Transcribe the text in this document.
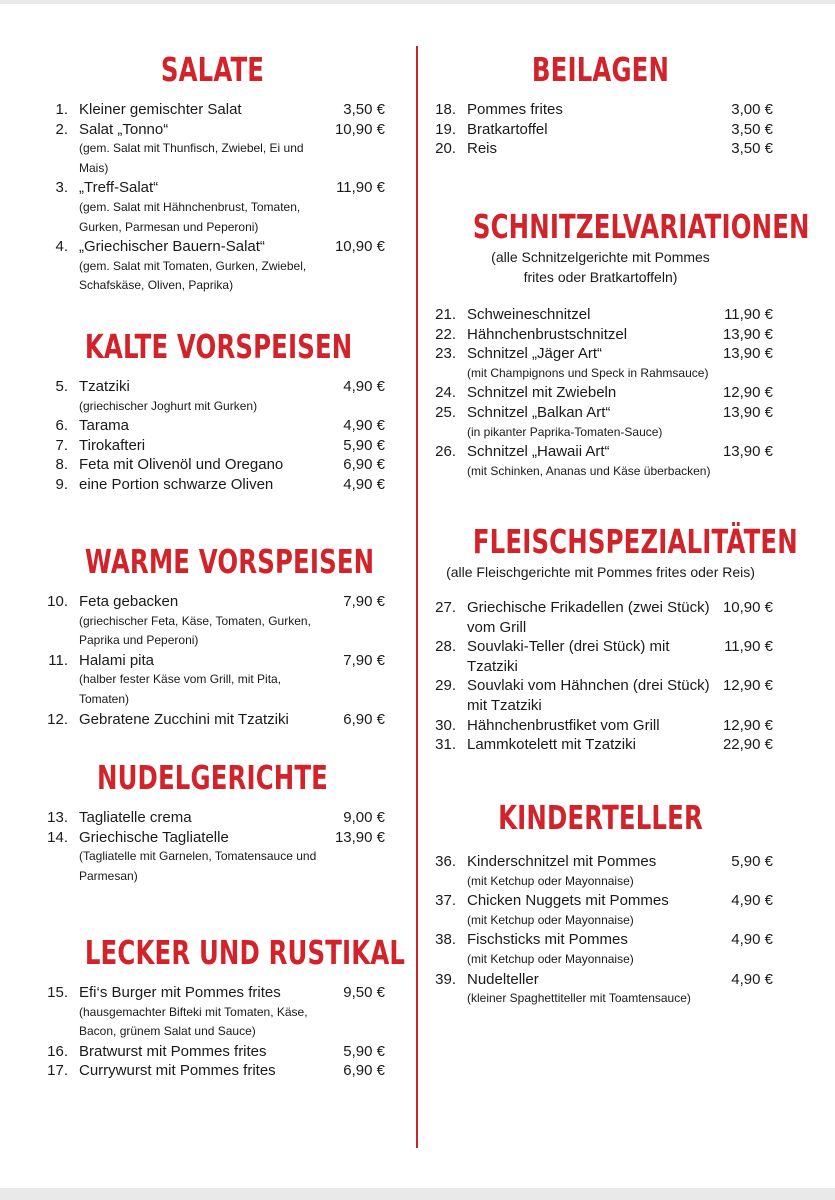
SALATE
1. Kleiner gemischter Salat	3,50 €
2. Salat „Tonno“
(gem. Salat mit Thunfisch, Zwiebel, Ei und Mais)
10,90 €
3. „Treff-Salat“
(gem. Salat mit Hähnchenbrust, Tomaten, Gurken, Parmesan und Peperoni)
11,90 €
4. „Griechischer Bauern-Salat“
(gem. Salat mit Tomaten, Gurken, Zwiebel, Schafskäse, Oliven, Paprika)
10,90 €
KALTE VORSPEISEN
5. Tzatziki
(griechischer Joghurt mit Gurken)
4,90 €
6. Tarama	4,90 €
7. Tirokafteri	5,90 €
8. Feta mit Olivenöl und Oregano	6,90 €
9. eine Portion schwarze Oliven	4,90 €
WARME VORSPEISEN
10. Feta gebacken
(griechischer Feta, Käse, Tomaten, Gurken, Paprika und Peperoni)
7,90 €
11. Halami pita
(halber fester Käse vom Grill, mit Pita, Tomaten)
7,90 €
12. Gebratene Zucchini mit Tzatziki	6,90 €
NUDELGERICHTE
13. Tagliatelle crema	9,00 €
14. Griechische Tagliatelle
(Tagliatelle mit Garnelen, Tomatensauce und Parmesan)
13,90 €
LECKER UND RUSTIKAL
15. Efi‘s Burger mit Pommes frites
(hausgemachter Bifteki mit Tomaten, Käse, Bacon, grünem Salat und Sauce)
9,50 €
16. Bratwurst mit Pommes frites	5,90 €
17. Currywurst mit Pommes frites	6,90 €
BEILAGEN
18. Pommes frites	3,00 €
19. Bratkartoffel	3,50 €
20. Reis	3,50 €
SCHNITZELVARIATIONEN
(alle Schnitzelgerichte mit Pommes frites oder Bratkartoffeln)
21. Schweineschnitzel	11,90 €
22. Hähnchenbrustschnitzel	13,90 €
23. Schnitzel „Jäger Art“
(mit Champignons und Speck in Rahmsauce)
13,90 €
24. Schnitzel mit Zwiebeln	12,90 €
25. Schnitzel „Balkan Art“
(in pikanter Paprika-Tomaten-Sauce)
13,90 €
26. Schnitzel „Hawaii Art“
(mit Schinken, Ananas und Käse überbacken)
13,90 €
FLEISCHSPEZIALITÄTEN
(alle Fleischgerichte mit Pommes frites oder Reis)
27. Griechische Frikadellen (zwei Stück) vom Grill
10,90 €
28. Souvlaki-Teller (drei Stück) mit Tzatziki
11,90 €
29. Souvlaki vom Hähnchen (drei Stück) mit Tzatziki
12,90 €
30. Hähnchenbrustfiket vom Grill	12,90 €
31. Lammkotelett mit Tzatziki	22,90 €
KINDERTELLER
36. Kinderschnitzel mit Pommes
(mit Ketchup oder Mayonnaise)
5,90 €
37. Chicken Nuggets mit Pommes
(mit Ketchup oder Mayonnaise)
4,90 €
38. Fischsticks mit Pommes
(mit Ketchup oder Mayonnaise)
4,90 €
39. Nudelteller
(kleiner Spaghettiteller mit Toamtensauce)
4,90 €
